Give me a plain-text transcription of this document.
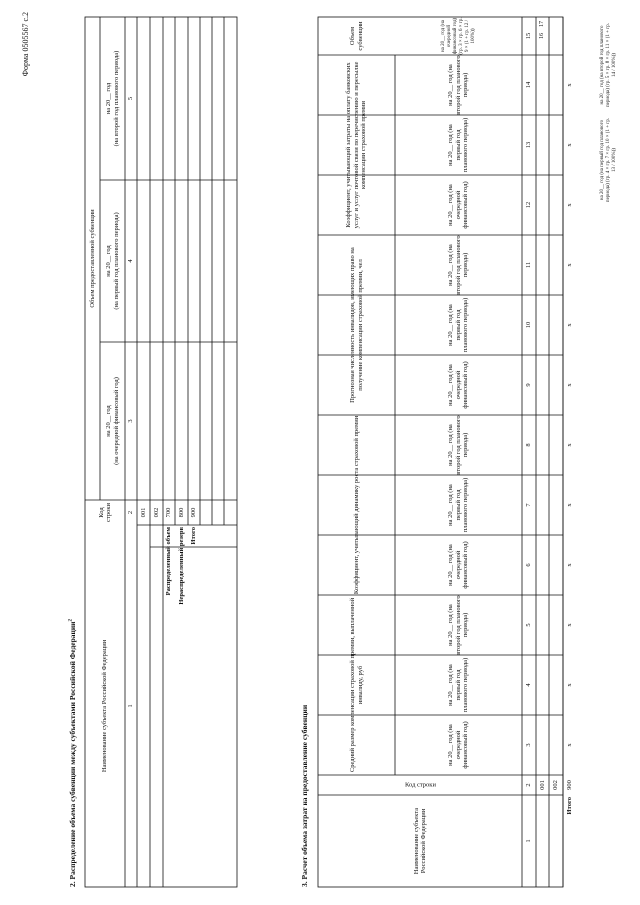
Форма 0505567 с.2
2. Распределение объема субвенции между субъектами Российской Федерации$^2$
Наименование субъекта Российской Федерации
Код строки
Объем предоставленной субвенции
на 20__ год (на очередной финансовый год)
на 20__ год (на первый год планового периода)
на 20__ год (на второй год планового периода)
1
2
3
4
5
001 002
Распределенный объем
700
Нераспределенный резерв
800
Итого
900
3. Расчет объема затрат на предоставление субвенции	Наименование субъекта Российской Федерации
Код строки
Средний размер компенсации страховой премии, выплаченной инвалиду, руб
Коэффициент, учитывающий динамику роста страховой премии
Прогнозная численность инвалидов, имеющих право на получение компенсации страховой премии, чел
Коэффициент, учитывающий затраты на оплату банковских услуг и услуг почтовой связи по перечислению и пересылке компенсации страховой премии
Объем субвенции
на 20__ год (на очередной финансовый год)
на 20__ год (на первый год планового периода)
на 20__ год (на второй год планового периода)
на 20__ год (на очередной финансовый год)
на 20__ год (на первый год планового периода)
на 20__ год (на второй год планового периода)
на 20__ год (на очередной финансовый год)
на 20__ год (на первый год планового периода)
на 20__ год (на второй год планового периода)
на 20__ год (на очередной финансовый год)
на 20__ год (на первый год планового периода)
на 20__ год (на второй год планового периода)
на 20__ год (на очередной финансовый год) (гр. 3 × гр. 6 × гр. 9 × (1 + гр. 12 / 100%))
1
2
3
4
5
6
7
8
9
10
11
12
13
14
15
001	002
Итого
900
x
x
x
x
x
x
x
x
x
x
x
x
16
17
на 20__ год (на первый год планового периода) (гр. 4 × гр. 7 × гр. 10 × (1 + гр. 13 / 100%))
на 20__ год (на второй год планового периода) (гр. 5 × гр. 8 × гр. 11 × (1 + гр. 14 / 100%))
